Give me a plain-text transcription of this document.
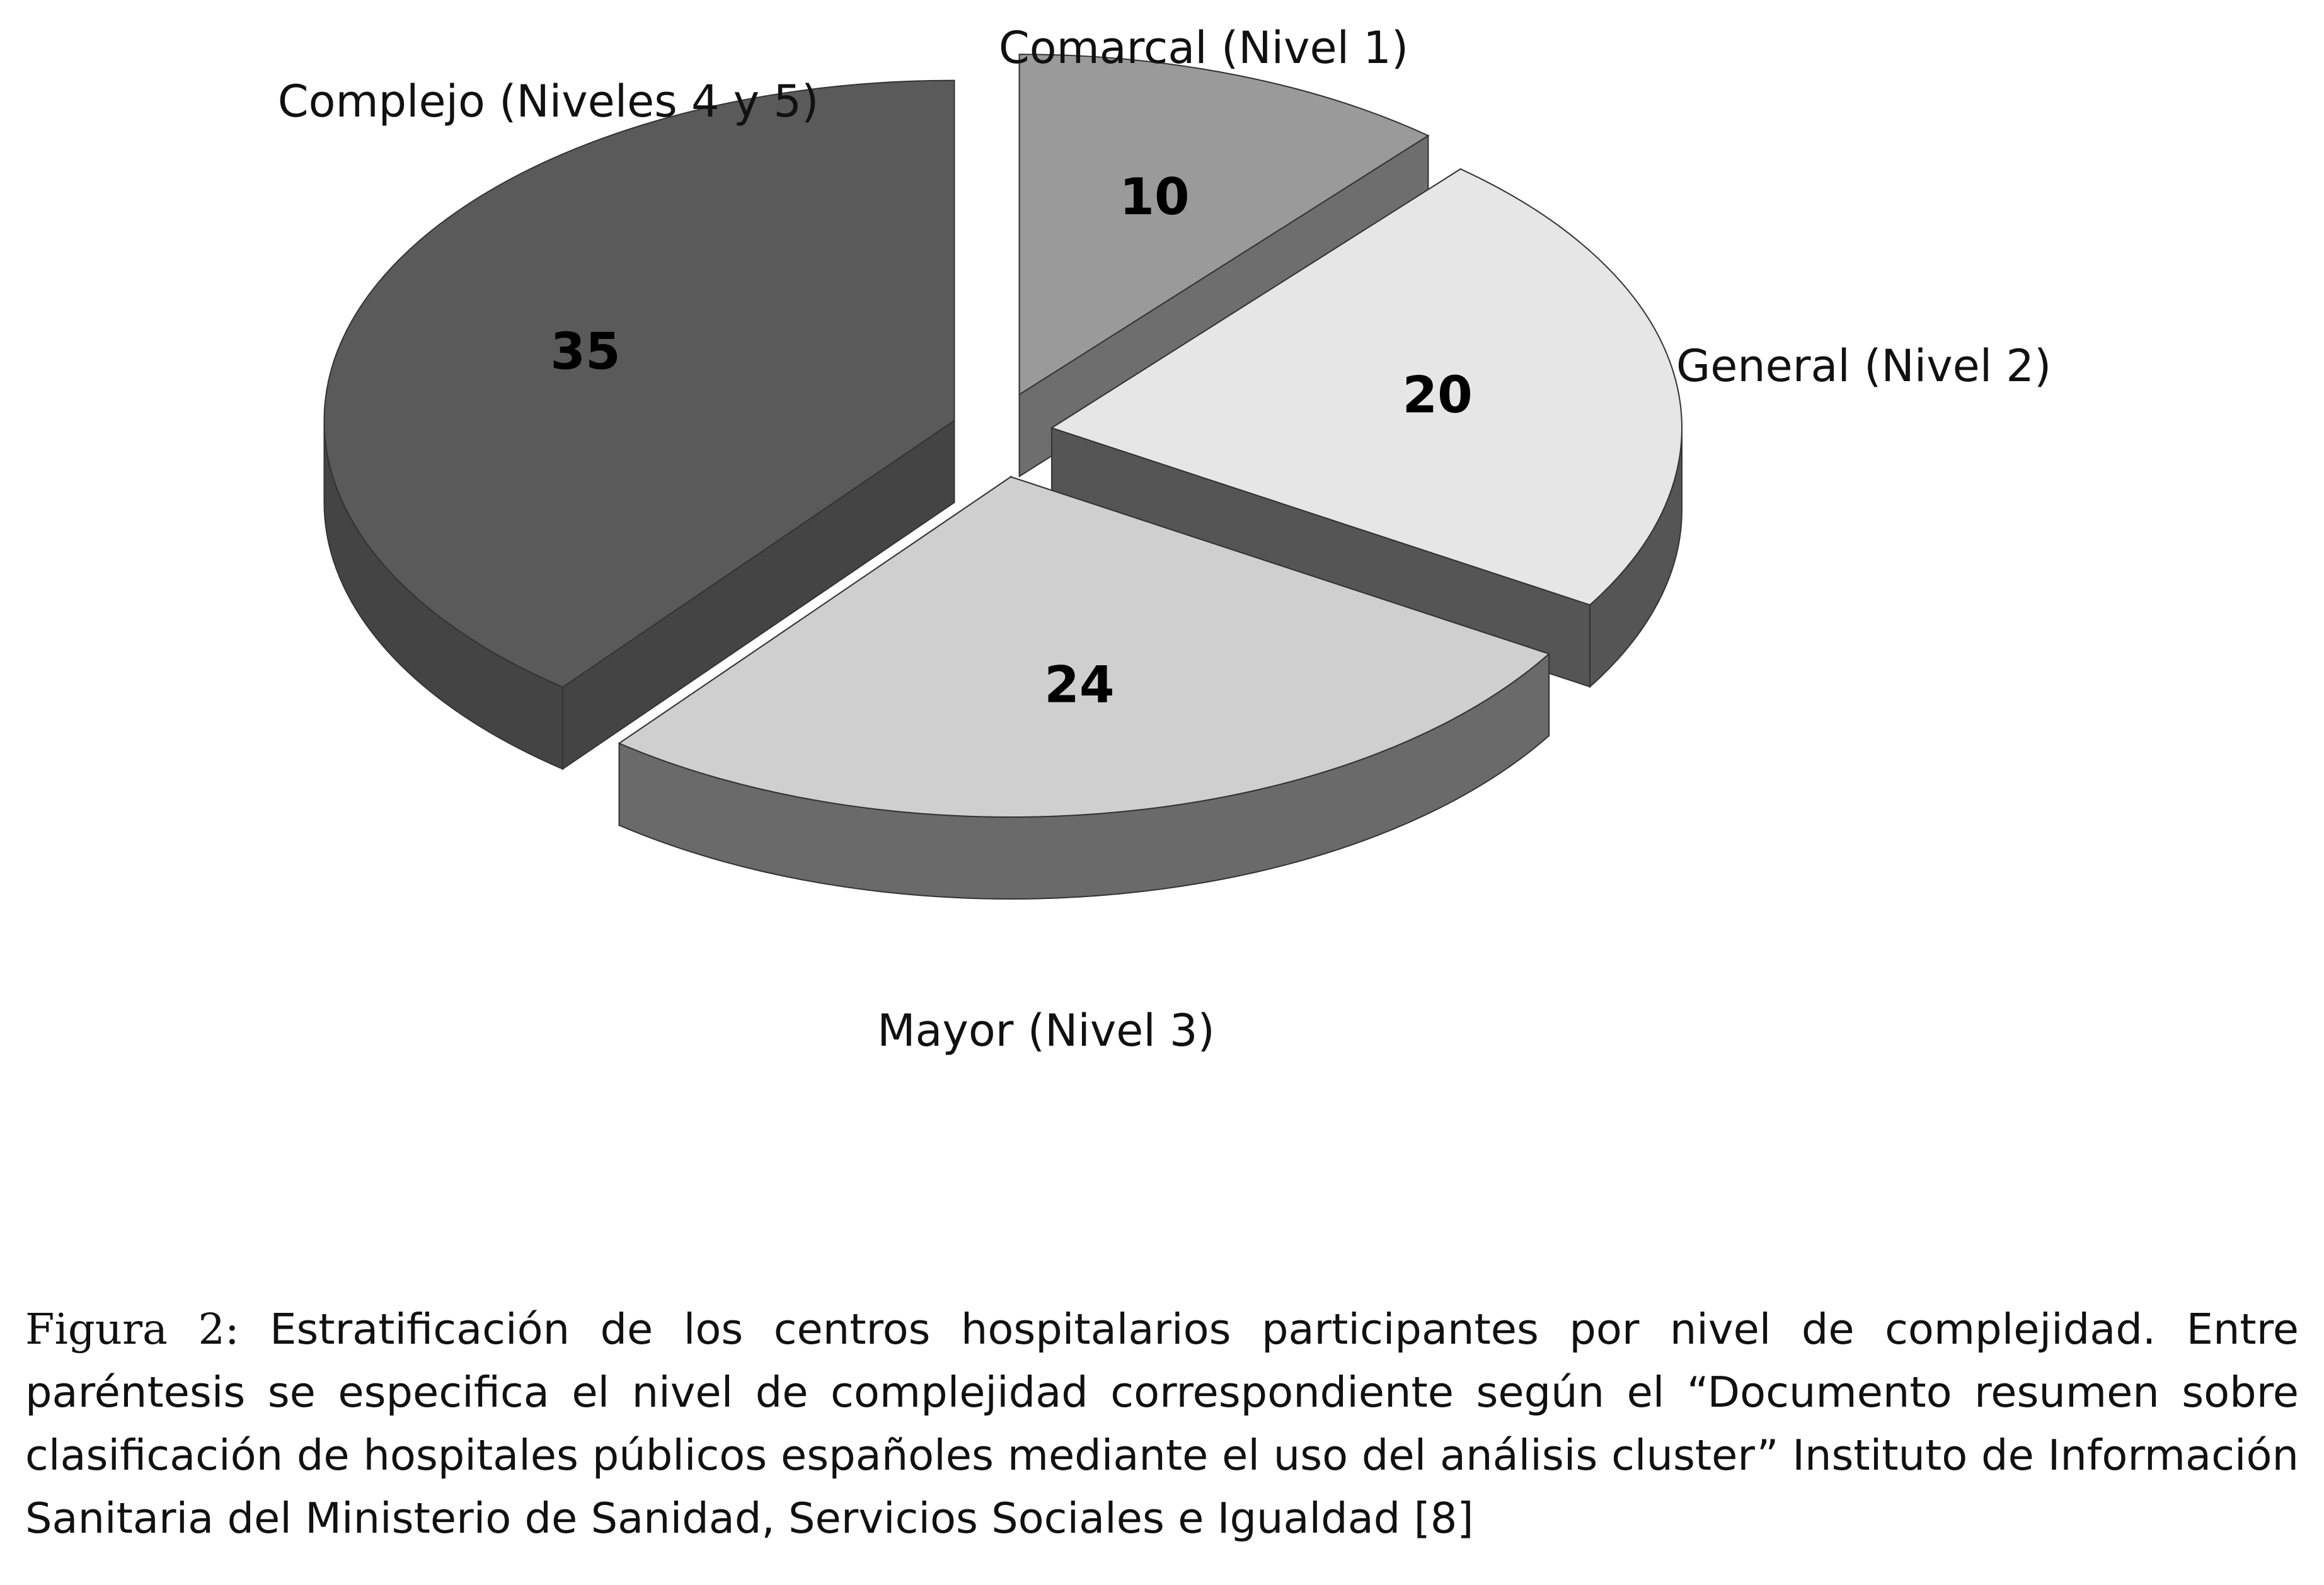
10
20
24
35
Comarcal (Nivel 1)
General (Nivel 2)
Mayor (Nivel 3)
Complejo (Niveles 4 y 5)
Figura 2: Estratificación de los centros hospitalarios participantes por nivel de complejidad. Entre paréntesis se especifica el nivel de complejidad correspondiente según el “Documento resumen sobre clasificación de hospitales públicos españoles mediante el uso del análisis cluster” Instituto de Información Sanitaria del Ministerio de Sanidad, Servicios Sociales e Igualdad [8]
